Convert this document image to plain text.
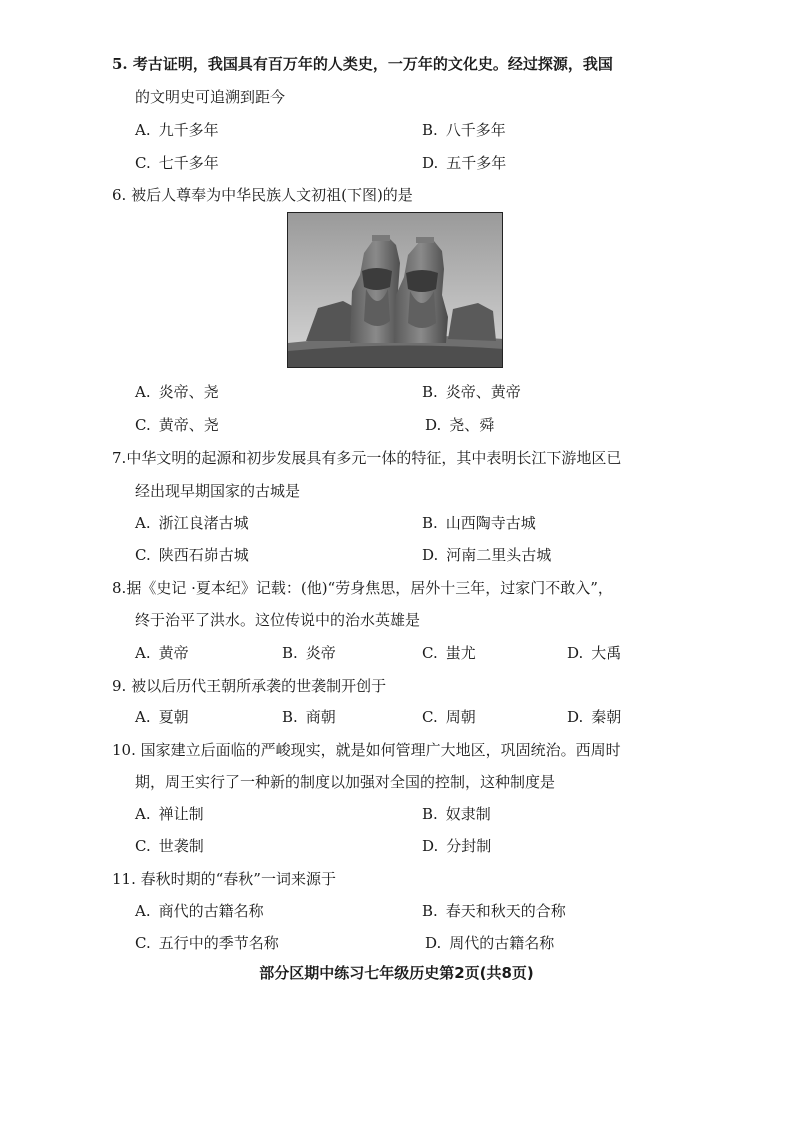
5. 考古证明，我国具有百万年的人类史，一万年的文化史。经过探源，我国
的文明史可追溯到距今
A. 九千多年	B. 八千多年
C. 七千多年	D. 五千多年
6. 被后人尊奉为中华民族人文初祖(下图)的是
A. 炎帝、尧	B. 炎帝、黄帝
C. 黄帝、尧	D. 尧、舜
7.中华文明的起源和初步发展具有多元一体的特征，其中表明长江下游地区已
经出现早期国家的古城是
A. 浙江良渚古城	B. 山西陶寺古城
C. 陕西石峁古城	D. 河南二里头古城
8.据《史记 ·夏本纪》记载：(他)“劳身焦思，居外十三年，过家门不敢入”，
终于治平了洪水。这位传说中的治水英雄是
A. 黄帝	B. 炎帝	C. 蚩尤	D. 大禹
9. 被以后历代王朝所承袭的世袭制开创于
A. 夏朝	B. 商朝	C. 周朝	D. 秦朝
10. 国家建立后面临的严峻现实，就是如何管理广大地区，巩固统治。西周时
期，周王实行了一种新的制度以加强对全国的控制，这种制度是
A. 禅让制	B. 奴隶制
C. 世袭制	D. 分封制
11. 春秋时期的“春秋”一词来源于
A. 商代的古籍名称	B. 春天和秋天的合称
C. 五行中的季节名称	D. 周代的古籍名称
部分区期中练习七年级历史第2页(共8页)
